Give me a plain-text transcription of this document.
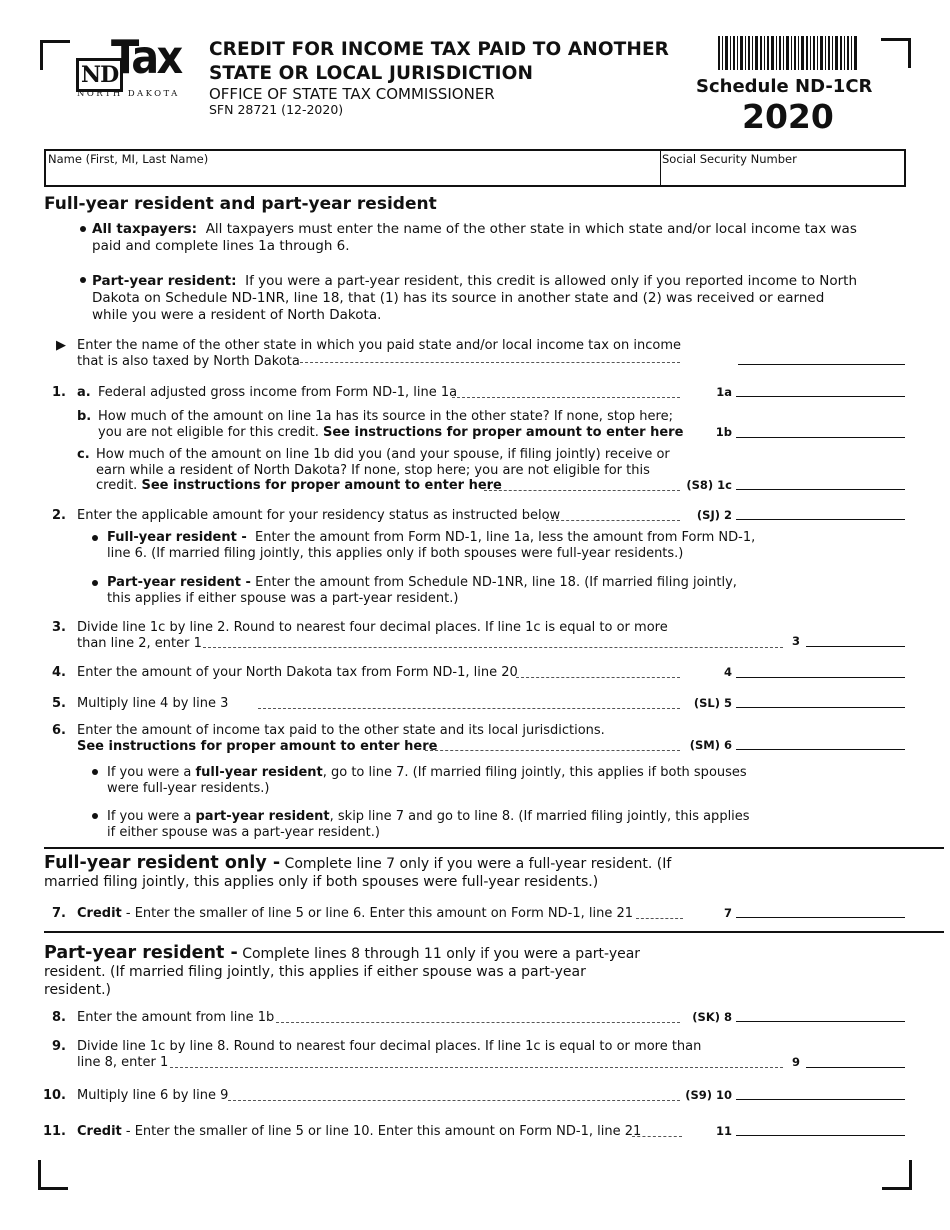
ND
Tax
NORTH DAKOTA
CREDIT FOR INCOME TAX PAID TO ANOTHER
STATE OR LOCAL JURISDICTION
OFFICE OF STATE TAX COMMISSIONER
SFN 28721 (12-2020)
Schedule ND-1CR
2020
Name (First, MI, Last Name)	Social Security Number
Full-year resident and part-year resident
All taxpayers: All taxpayers must enter the name of the other state in which state and/or local income tax was
paid and complete lines 1a through 6.
Part-year resident: If you were a part-year resident, this credit is allowed only if you reported income to North
Dakota on Schedule ND-1NR, line 18, that (1) has its source in another state and (2) was received or earned
while you were a resident of North Dakota.
▶ Enter the name of the other state in which you paid state and/or local income tax on income
that is also taxed by North Dakota
1. a. Federal adjusted gross income from Form ND-1, line 1a	1a
b. How much of the amount on line 1a has its source in the other state? If none, stop here;
you are not eligible for this credit. See instructions for proper amount to enter here	1b
c. How much of the amount on line 1b did you (and your spouse, if filing jointly) receive or
earn while a resident of North Dakota? If none, stop here; you are not eligible for this
credit. See instructions for proper amount to enter here	(S8) 1c
2. Enter the applicable amount for your residency status as instructed below	(SJ) 2
Full-year resident - Enter the amount from Form ND-1, line 1a, less the amount from Form ND-1,
line 6. (If married filing jointly, this applies only if both spouses were full-year residents.)
Part-year resident - Enter the amount from Schedule ND-1NR, line 18. (If married filing jointly,
this applies if either spouse was a part-year resident.)
3. Divide line 1c by line 2. Round to nearest four decimal places. If line 1c is equal to or more
than line 2, enter 1	3
4. Enter the amount of your North Dakota tax from Form ND-1, line 20	4
5. Multiply line 4 by line 3	(SL) 5
6. Enter the amount of income tax paid to the other state and its local jurisdictions.
See instructions for proper amount to enter here	(SM) 6
If you were a full-year resident, go to line 7. (If married filing jointly, this applies if both spouses
were full-year residents.)
If you were a part-year resident, skip line 7 and go to line 8. (If married filing jointly, this applies
if either spouse was a part-year resident.)
Full-year resident only - Complete line 7 only if you were a full-year resident. (If
married filing jointly, this applies only if both spouses were full-year residents.)
7. Credit - Enter the smaller of line 5 or line 6. Enter this amount on Form ND-1, line 21	7
Part-year resident - Complete lines 8 through 11 only if you were a part-year
resident. (If married filing jointly, this applies if either spouse was a part-year
resident.)
8. Enter the amount from line 1b	(SK) 8
9. Divide line 1c by line 8. Round to nearest four decimal places. If line 1c is equal to or more than
line 8, enter 1	9
10. Multiply line 6 by line 9	(S9) 10
11. Credit - Enter the smaller of line 5 or line 10. Enter this amount on Form ND-1, line 21	11
